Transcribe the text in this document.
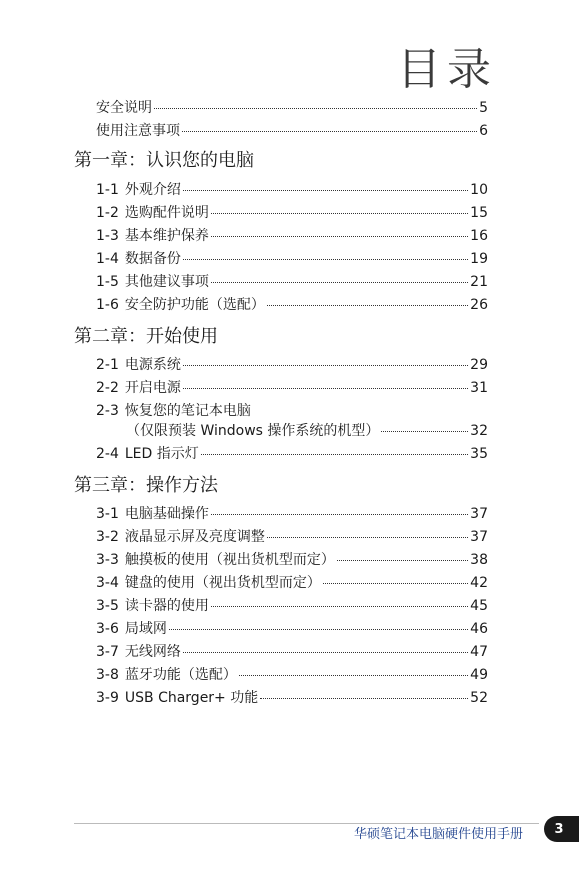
目录
安全说明	5
使用注意事项	6
第一章：认识您的电脑
1-1 外观介绍	10
1-2 选购配件说明	15
1-3 基本维护保养	16
1-4 数据备份	19
1-5 其他建议事项	21
1-6 安全防护功能（选配）	26
第二章：开始使用
2-1 电源系统	29
2-2 开启电源	31
2-3 恢复您的笔记本电脑
（仅限预装 Windows 操作系统的机型）	32
2-4 LED 指示灯	35
第三章：操作方法
3-1 电脑基础操作	37
3-2 液晶显示屏及亮度调整	37
3-3 触摸板的使用（视出货机型而定）	38
3-4 键盘的使用（视出货机型而定）	42
3-5 读卡器的使用	45
3-6 局域网	46
3-7 无线网络	47
3-8 蓝牙功能（选配）	49
3-9 USB Charger+ 功能	52
华硕笔记本电脑硬件使用手册	3
